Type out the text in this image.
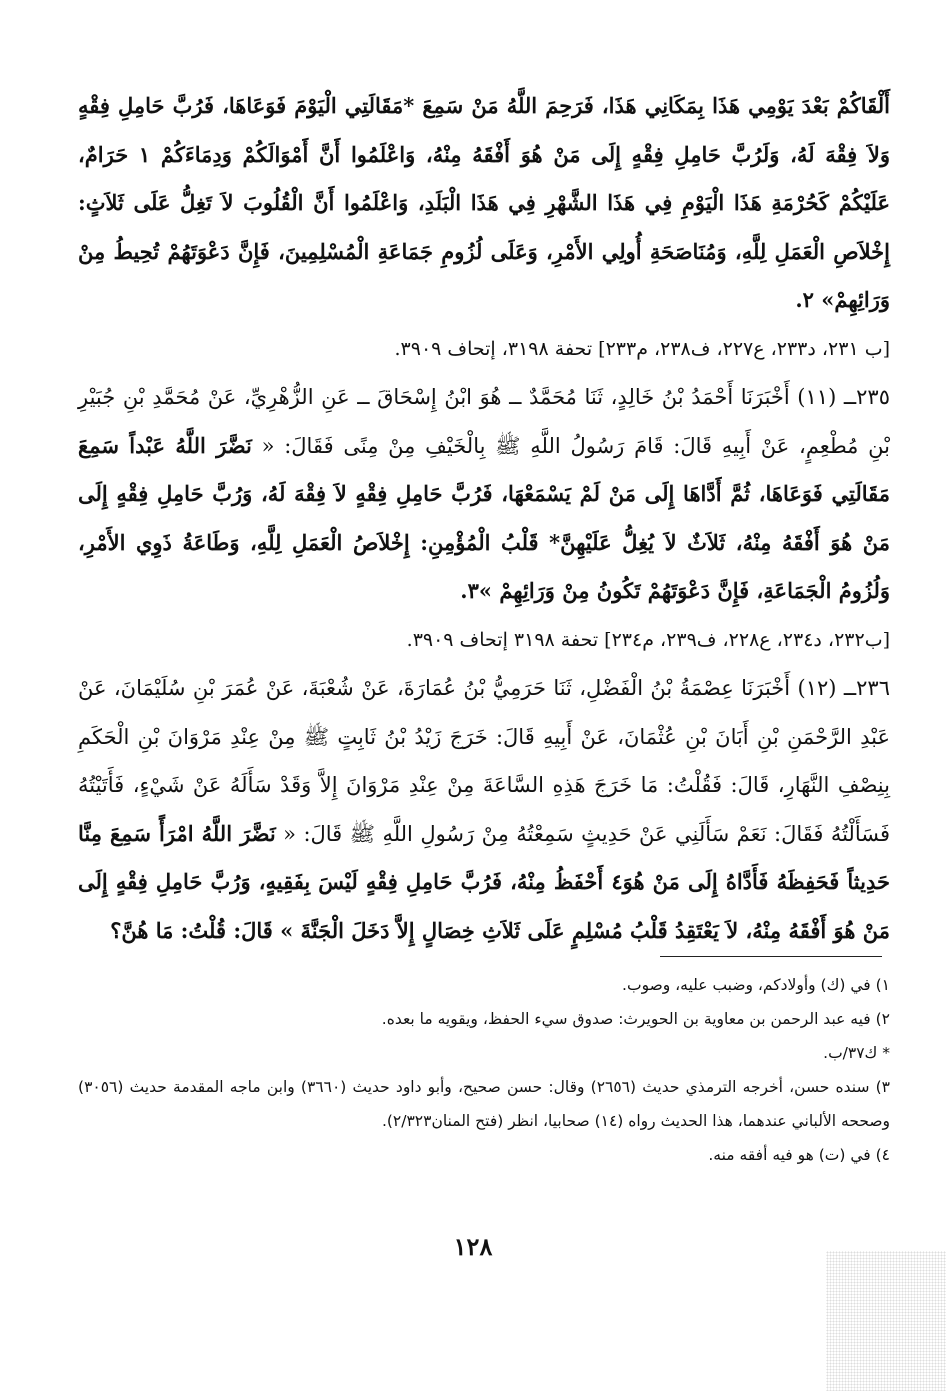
أَلْقَاكُمْ بَعْدَ يَوْمِي هَذَا بِمَكَانِي هَذَا، فَرَحِمَ اللَّهُ مَنْ سَمِعَ *مَقَالَتِي الْيَوْمَ فَوَعَاهَا، فَرُبَّ حَامِلِ فِقْهٍ وَلاَ فِقْهَ لَهُ، وَلَرُبَّ حَامِلِ فِقْهٍ إِلَى مَنْ هُوَ أَفْقَهُ مِنْهُ، وَاعْلَمُوا أَنَّ أَمْوَالَكُمْ وَدِمَاءَكُمْ ١ حَرَامٌ، عَلَيْكُمْ كَحُرْمَةِ هَذَا الْيَوْمِ فِي هَذَا الشَّهْرِ فِي هَذَا الْبَلَدِ، وَاعْلَمُوا أَنَّ الْقُلُوبَ لاَ تَغِلُّ عَلَى ثَلاَثٍ: إِخْلاَصِ الْعَمَلِ لِلَّهِ، وَمُنَاصَحَةِ أُولِي الأَمْرِ، وَعَلَى لُزُومِ جَمَاعَةِ الْمُسْلِمِينَ، فَإِنَّ دَعْوَتَهُمْ تُحِيطُ مِنْ وَرَائِهِمْ» ٢.

[ب ٢٣١، د٢٣٣، ع٢٢٧، ف٢٣٨، م٢٣٣] تحفة ٣١٩٨، إتحاف ٣٩٠٩.

٢٣٥ــ (١١) أَخْبَرَنَا أَحْمَدُ بْنُ خَالِدٍ، ثَنَا مُحَمَّدٌ ــ هُوَ ابْنُ إِسْحَاقَ ــ عَنِ الزُّهْرِيِّ، عَنْ مُحَمَّدِ بْنِ جُبَيْرِ بْنِ مُطْعِمٍ، عَنْ أَبِيهِ قَالَ: قَامَ رَسُولُ اللَّهِ ﷺ بِالْخَيْفِ مِنْ مِنًى فَقَالَ: « نَضَّرَ اللَّهُ عَبْداً سَمِعَ مَقَالَتِي فَوَعَاهَا، ثُمَّ أَدَّاهَا إِلَى مَنْ لَمْ يَسْمَعْهَا، فَرُبَّ حَامِلِ فِقْهٍ لاَ فِقْهَ لَهُ، وَرُبَّ حَامِلِ فِقْهٍ إِلَى مَنْ هُوَ أَفْقَهُ مِنْهُ، ثَلاَثٌ لاَ يُغِلُّ عَلَيْهِنَّ* قَلْبُ الْمُؤْمِنِ: إِخْلاَصُ الْعَمَلِ لِلَّهِ، وَطَاعَةُ ذَوِي الأَمْرِ، وَلُزُومُ الْجَمَاعَةِ، فَإِنَّ دَعْوَتَهُمْ تَكُونُ مِنْ وَرَائِهِمْ »٣.

[ب٢٣٢، د٢٣٤، ع٢٢٨، ف٢٣٩، م٢٣٤] تحفة ٣١٩٨ إتحاف ٣٩٠٩.

٢٣٦ــ (١٢) أَخْبَرَنَا عِصْمَةُ بْنُ الْفَضْلِ، ثَنَا حَرَمِيُّ بْنُ عُمَارَةَ، عَنْ شُعْبَةَ، عَنْ عُمَرَ بْنِ سُلَيْمَانَ، عَنْ عَبْدِ الرَّحْمَنِ بْنِ أَبَانَ بْنِ عُثْمَانَ، عَنْ أَبِيهِ قَالَ: خَرَجَ زَيْدُ بْنُ ثَابِتٍ ﷺ مِنْ عِنْدِ مَرْوَانَ بْنِ الْحَكَمِ بِنِصْفِ النَّهَارِ، قَالَ: فَقُلْتُ: مَا خَرَجَ هَذِهِ السَّاعَةَ مِنْ عِنْدِ مَرْوَانَ إِلاَّ وَقَدْ سَأَلَهُ عَنْ شَيْءٍ، فَأَتَيْتُهُ فَسَأَلْتُهُ فَقَالَ: نَعَمْ سَأَلَنِي عَنْ حَدِيثٍ سَمِعْتُهُ مِنْ رَسُولِ اللَّهِ ﷺ قَالَ: « نَضَّرَ اللَّهُ امْرَأً سَمِعَ مِنَّا حَدِيثاً فَحَفِظَهُ فَأَدَّاهُ إِلَى مَنْ هُوَ٤ أَحْفَظُ مِنْهُ، فَرُبَّ حَامِلِ فِقْهٍ لَيْسَ بِفَقِيهٍ، وَرُبَّ حَامِلِ فِقْهٍ إِلَى مَنْ هُوَ أَفْقَهُ مِنْهُ، لاَ يَعْتَقِدُ قَلْبُ مُسْلِمٍ عَلَى ثَلاَثِ خِصَالٍ إِلاَّ دَخَلَ الْجَنَّةَ » قَالَ: قُلْتُ: مَا هُنَّ؟

١) في (ك) وأولادكم، وضبب عليه، وصوب.

٢) فيه عبد الرحمن بن معاوية بن الحويرث: صدوق سيء الحفظ، ويقويه ما بعده.

* ك٣٧/ب.

٣) سنده حسن، أخرجه الترمذي حديث (٢٦٥٦) وقال: حسن صحيح، وأبو داود حديث (٣٦٦٠) وابن ماجه المقدمة حديث (٣٠٥٦) وصححه الألباني عندهما، هذا الحديث رواه (١٤) صحابيا، انظر (فتح المنان٢/٣٢٣).

٤) في (ت) هو فيه أفقه منه.

١٢٨
